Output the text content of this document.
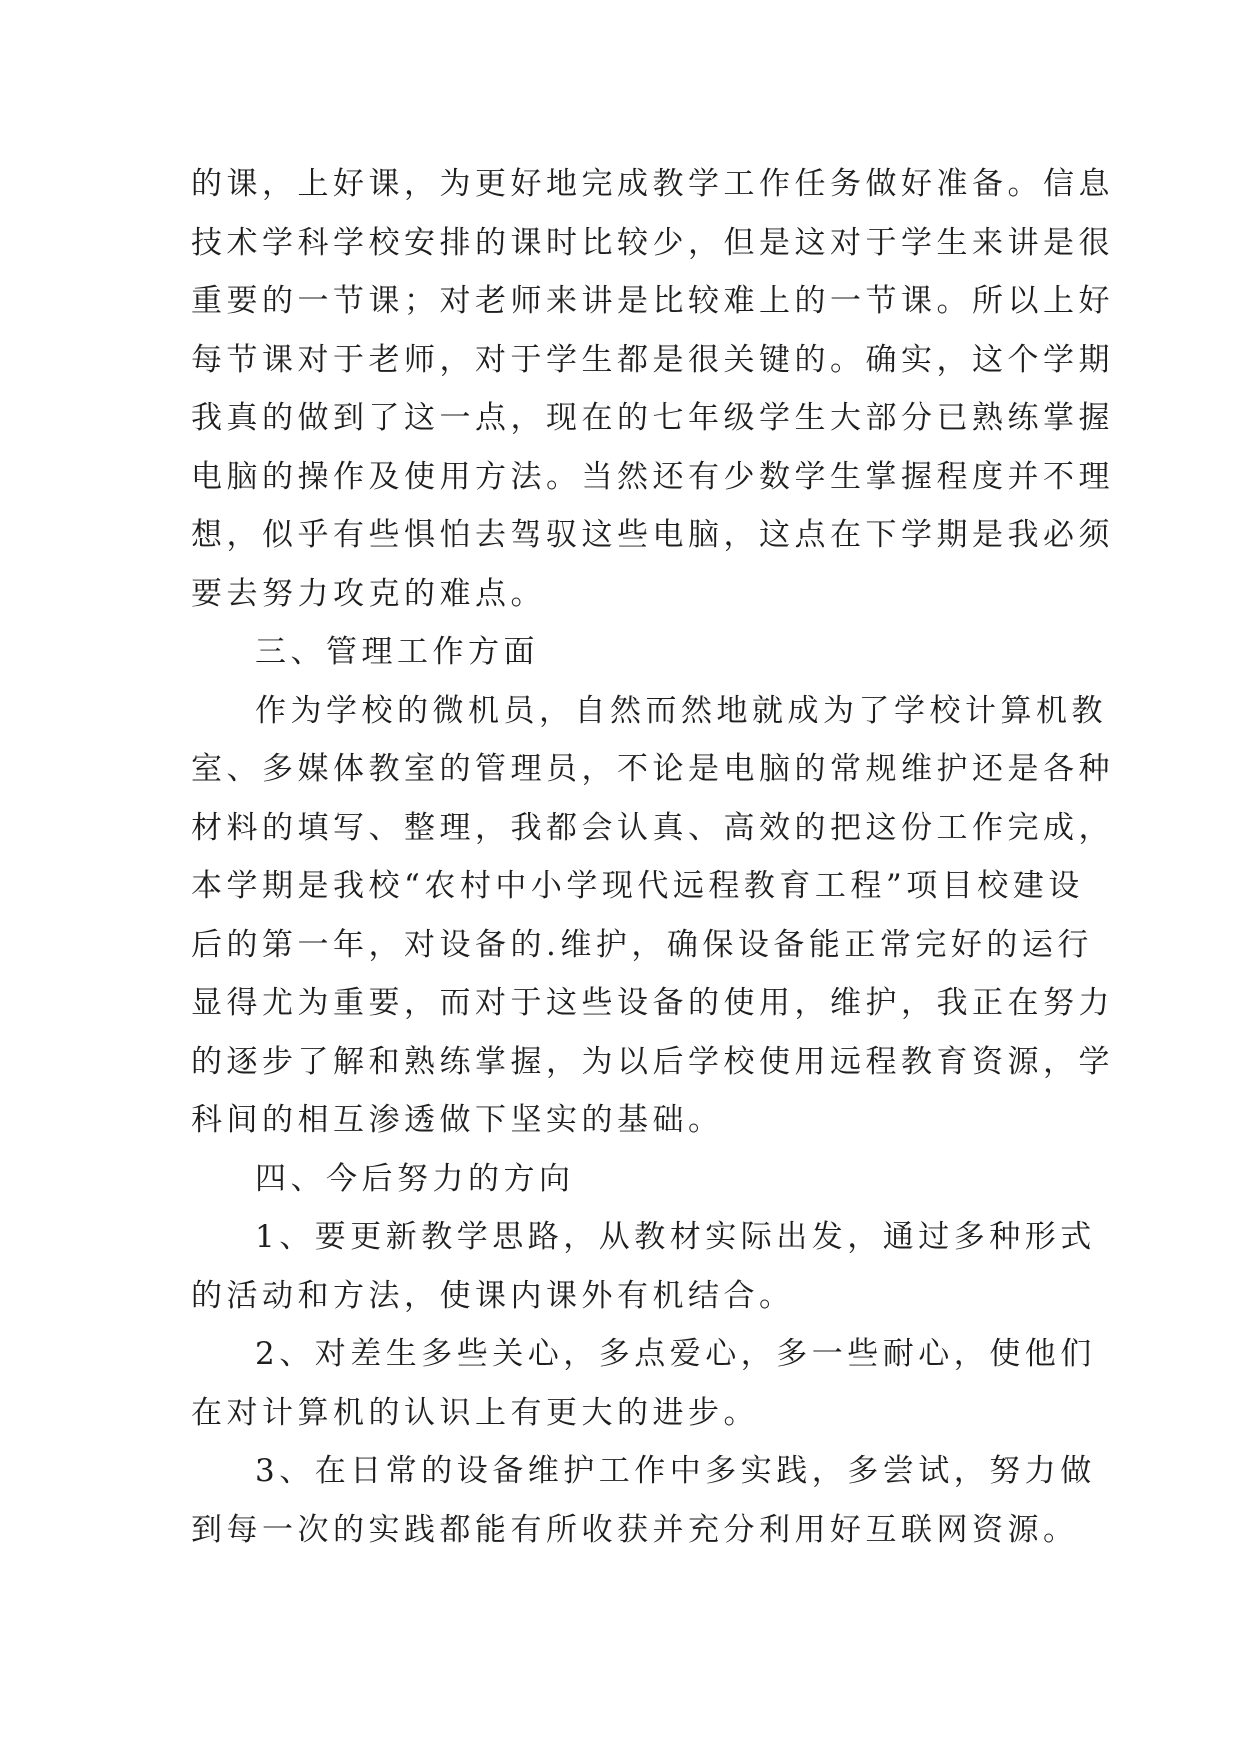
的课，上好课，为更好地完成教学工作任务做好准备。信息
技术学科学校安排的课时比较少，但是这对于学生来讲是很
重要的一节课；对老师来讲是比较难上的一节课。所以上好
每节课对于老师，对于学生都是很关键的。确实，这个学期
我真的做到了这一点，现在的七年级学生大部分已熟练掌握
电脑的操作及使用方法。当然还有少数学生掌握程度并不理
想，似乎有些惧怕去驾驭这些电脑，这点在下学期是我必须
要去努力攻克的难点。
三、管理工作方面
作为学校的微机员，自然而然地就成为了学校计算机教
室、多媒体教室的管理员，不论是电脑的常规维护还是各种
材料的填写、整理，我都会认真、高效的把这份工作完成，
本学期是我校“农村中小学现代远程教育工程”项目校建设
后的第一年，对设备的.维护，确保设备能正常完好的运行
显得尤为重要，而对于这些设备的使用，维护，我正在努力
的逐步了解和熟练掌握，为以后学校使用远程教育资源，学
科间的相互渗透做下坚实的基础。
四、今后努力的方向
1、要更新教学思路，从教材实际出发，通过多种形式
的活动和方法，使课内课外有机结合。
2、对差生多些关心，多点爱心，多一些耐心，使他们
在对计算机的认识上有更大的进步。
3、在日常的设备维护工作中多实践，多尝试，努力做
到每一次的实践都能有所收获并充分利用好互联网资源。
